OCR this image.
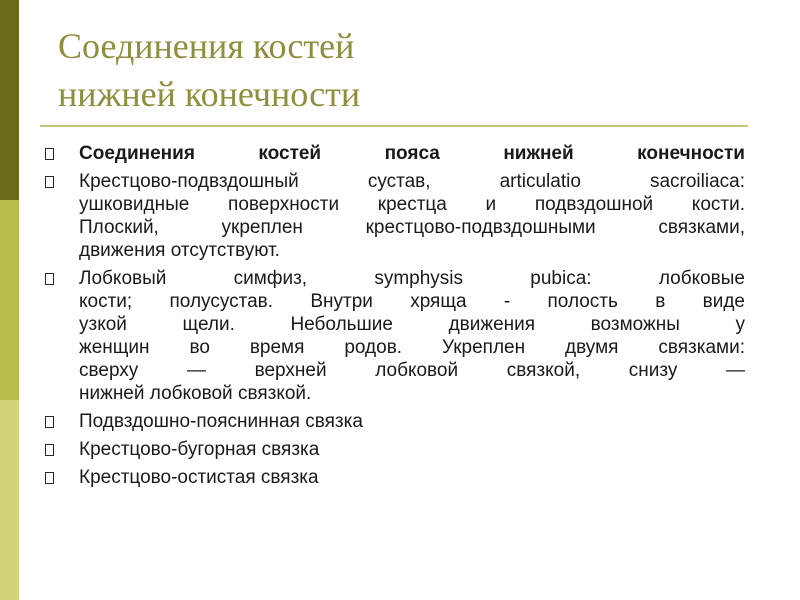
Соединения костей
нижней конечности
Соединения костей пояса нижней конечности
Крестцово-подвздошный сустав, articulatio sacroiliaca:
ушковидные поверхности крестца и подвздошной кости.
Плоский, укреплен крестцово-подвздошными связками,
движения отсутствуют.
Лобковый симфиз, symphysis pubica: лобковые
кости; полусустав. Внутри хряща - полость в виде
узкой щели. Небольшие движения возможны у
женщин во время родов. Укреплен двумя связками:
сверху — верхней лобковой связкой, снизу —
нижней лобковой связкой.
Подвздошно-пояснинная связка
Крестцово-бугорная связка
Крестцово-остистая связка
